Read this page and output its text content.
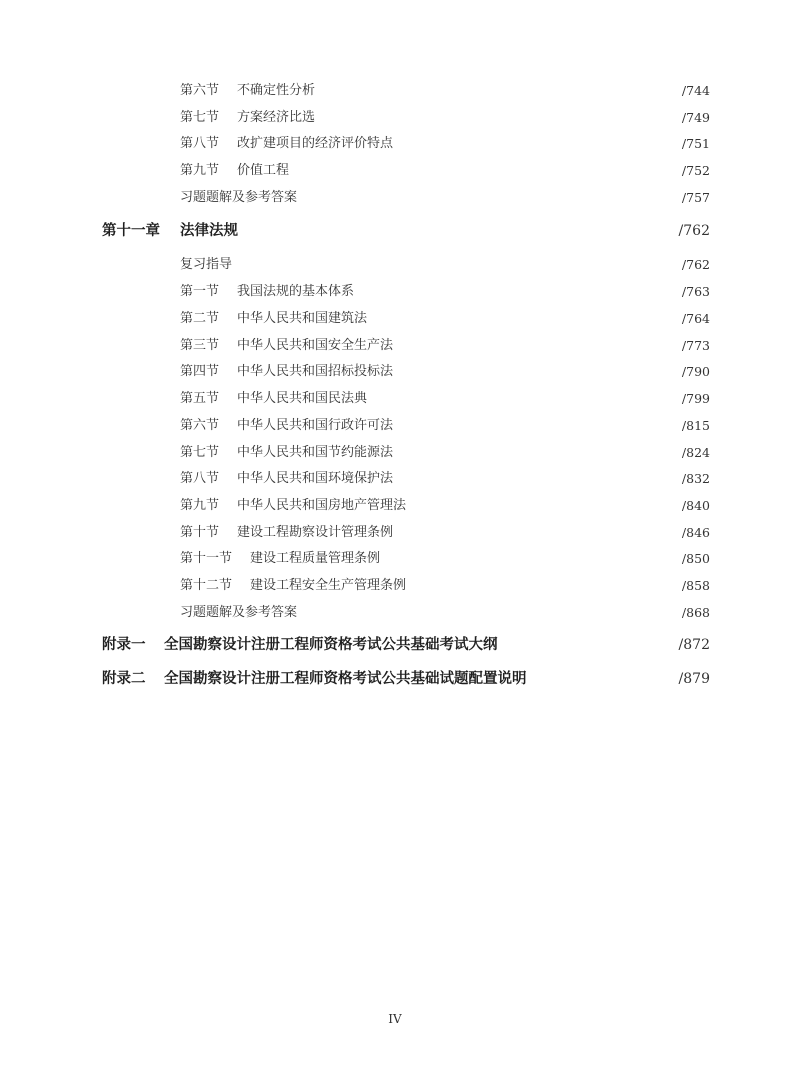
第六节 不确定性分析	/744
第七节 方案经济比选	/749
第八节 改扩建项目的经济评价特点	/751
第九节 价值工程	/752
习题题解及参考答案	/757
第十一章 法律法规	/762
复习指导	/762
第一节 我国法规的基本体系	/763
第二节 中华人民共和国建筑法	/764
第三节 中华人民共和国安全生产法	/773
第四节 中华人民共和国招标投标法	/790
第五节 中华人民共和国民法典	/799
第六节 中华人民共和国行政许可法	/815
第七节 中华人民共和国节约能源法	/824
第八节 中华人民共和国环境保护法	/832
第九节 中华人民共和国房地产管理法	/840
第十节 建设工程勘察设计管理条例	/846
第十一节 建设工程质量管理条例	/850
第十二节 建设工程安全生产管理条例	/858
习题题解及参考答案	/868
附录一 全国勘察设计注册工程师资格考试公共基础考试大纲	/872
附录二 全国勘察设计注册工程师资格考试公共基础试题配置说明	/879
IV
